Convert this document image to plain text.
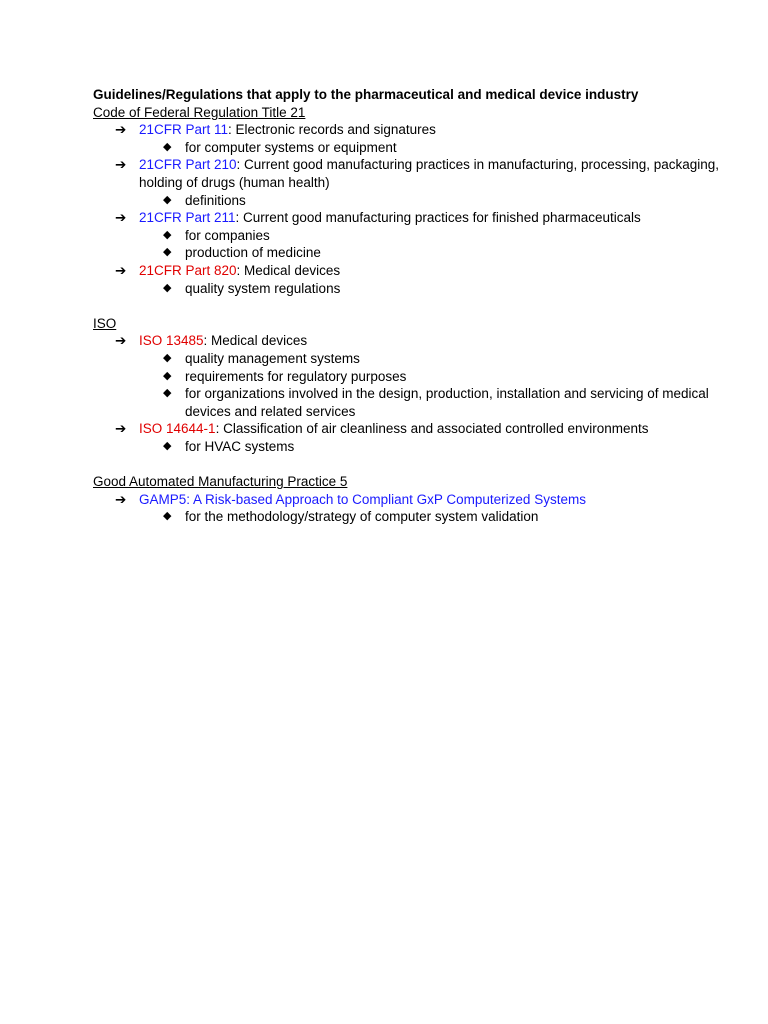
Guidelines/Regulations that apply to the pharmaceutical and medical device industry
Code of Federal Regulation Title 21
➔ 21CFR Part 11: Electronic records and signatures
◆ for computer systems or equipment
➔ 21CFR Part 210: Current good manufacturing practices in manufacturing, processing, packaging, holding of drugs (human health)
◆ definitions
➔ 21CFR Part 211: Current good manufacturing practices for finished pharmaceuticals
◆ for companies
◆ production of medicine
➔ 21CFR Part 820: Medical devices
◆ quality system regulations
ISO
➔ ISO 13485: Medical devices
◆ quality management systems
◆ requirements for regulatory purposes
◆ for organizations involved in the design, production, installation and servicing of medical devices and related services
➔ ISO 14644-1: Classification of air cleanliness and associated controlled environments
◆ for HVAC systems
Good Automated Manufacturing Practice 5
➔ GAMP5: A Risk-based Approach to Compliant GxP Computerized Systems
◆ for the methodology/strategy of computer system validation
